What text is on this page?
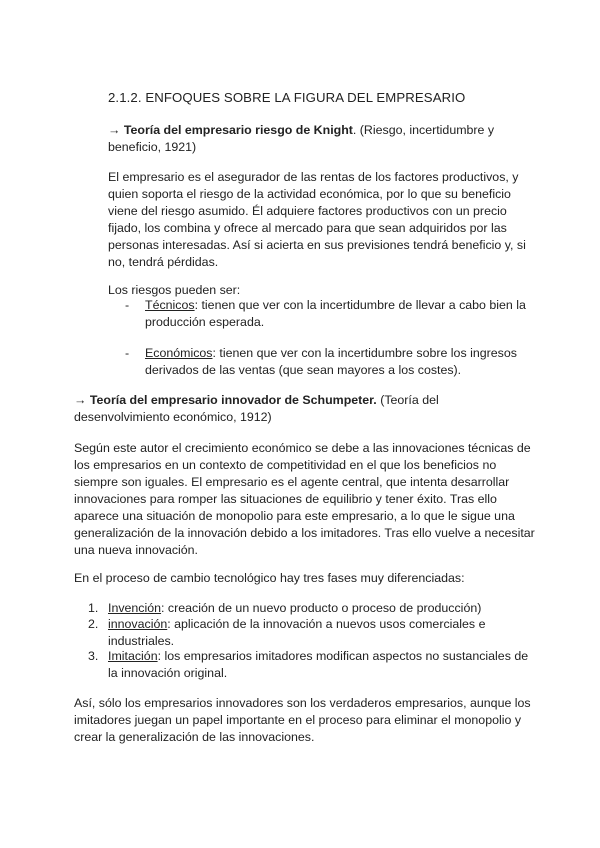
2.1.2. ENFOQUES SOBRE LA FIGURA DEL EMPRESARIO

→ Teoría del empresario riesgo de Knight. (Riesgo, incertidumbre y beneficio, 1921)

El empresario es el asegurador de las rentas de los factores productivos, y quien soporta el riesgo de la actividad económica, por lo que su beneficio viene del riesgo asumido. Él adquiere factores productivos con un precio fijado, los combina y ofrece al mercado para que sean adquiridos por las personas interesadas. Así si acierta en sus previsiones tendrá beneficio y, si no, tendrá pérdidas.

Los riesgos pueden ser:

- Técnicos: tienen que ver con la incertidumbre de llevar a cabo bien la producción esperada.

- Económicos: tienen que ver con la incertidumbre sobre los ingresos derivados de las ventas (que sean mayores a los costes).

→ Teoría del empresario innovador de Schumpeter. (Teoría del desenvolvimiento económico, 1912)

Según este autor el crecimiento económico se debe a las innovaciones técnicas de los empresarios en un contexto de competitividad en el que los beneficios no siempre son iguales. El empresario es el agente central, que intenta desarrollar innovaciones para romper las situaciones de equilibrio y tener éxito. Tras ello aparece una situación de monopolio para este empresario, a lo que le sigue una generalización de la innovación debido a los imitadores. Tras ello vuelve a necesitar una nueva innovación.

En el proceso de cambio tecnológico hay tres fases muy diferenciadas:

1. Invención: creación de un nuevo producto o proceso de producción)

2. innovación: aplicación de la innovación a nuevos usos comerciales e industriales.

3. Imitación: los empresarios imitadores modifican aspectos no sustanciales de la innovación original.

Así, sólo los empresarios innovadores son los verdaderos empresarios, aunque los imitadores juegan un papel importante en el proceso para eliminar el monopolio y crear la generalización de las innovaciones.
